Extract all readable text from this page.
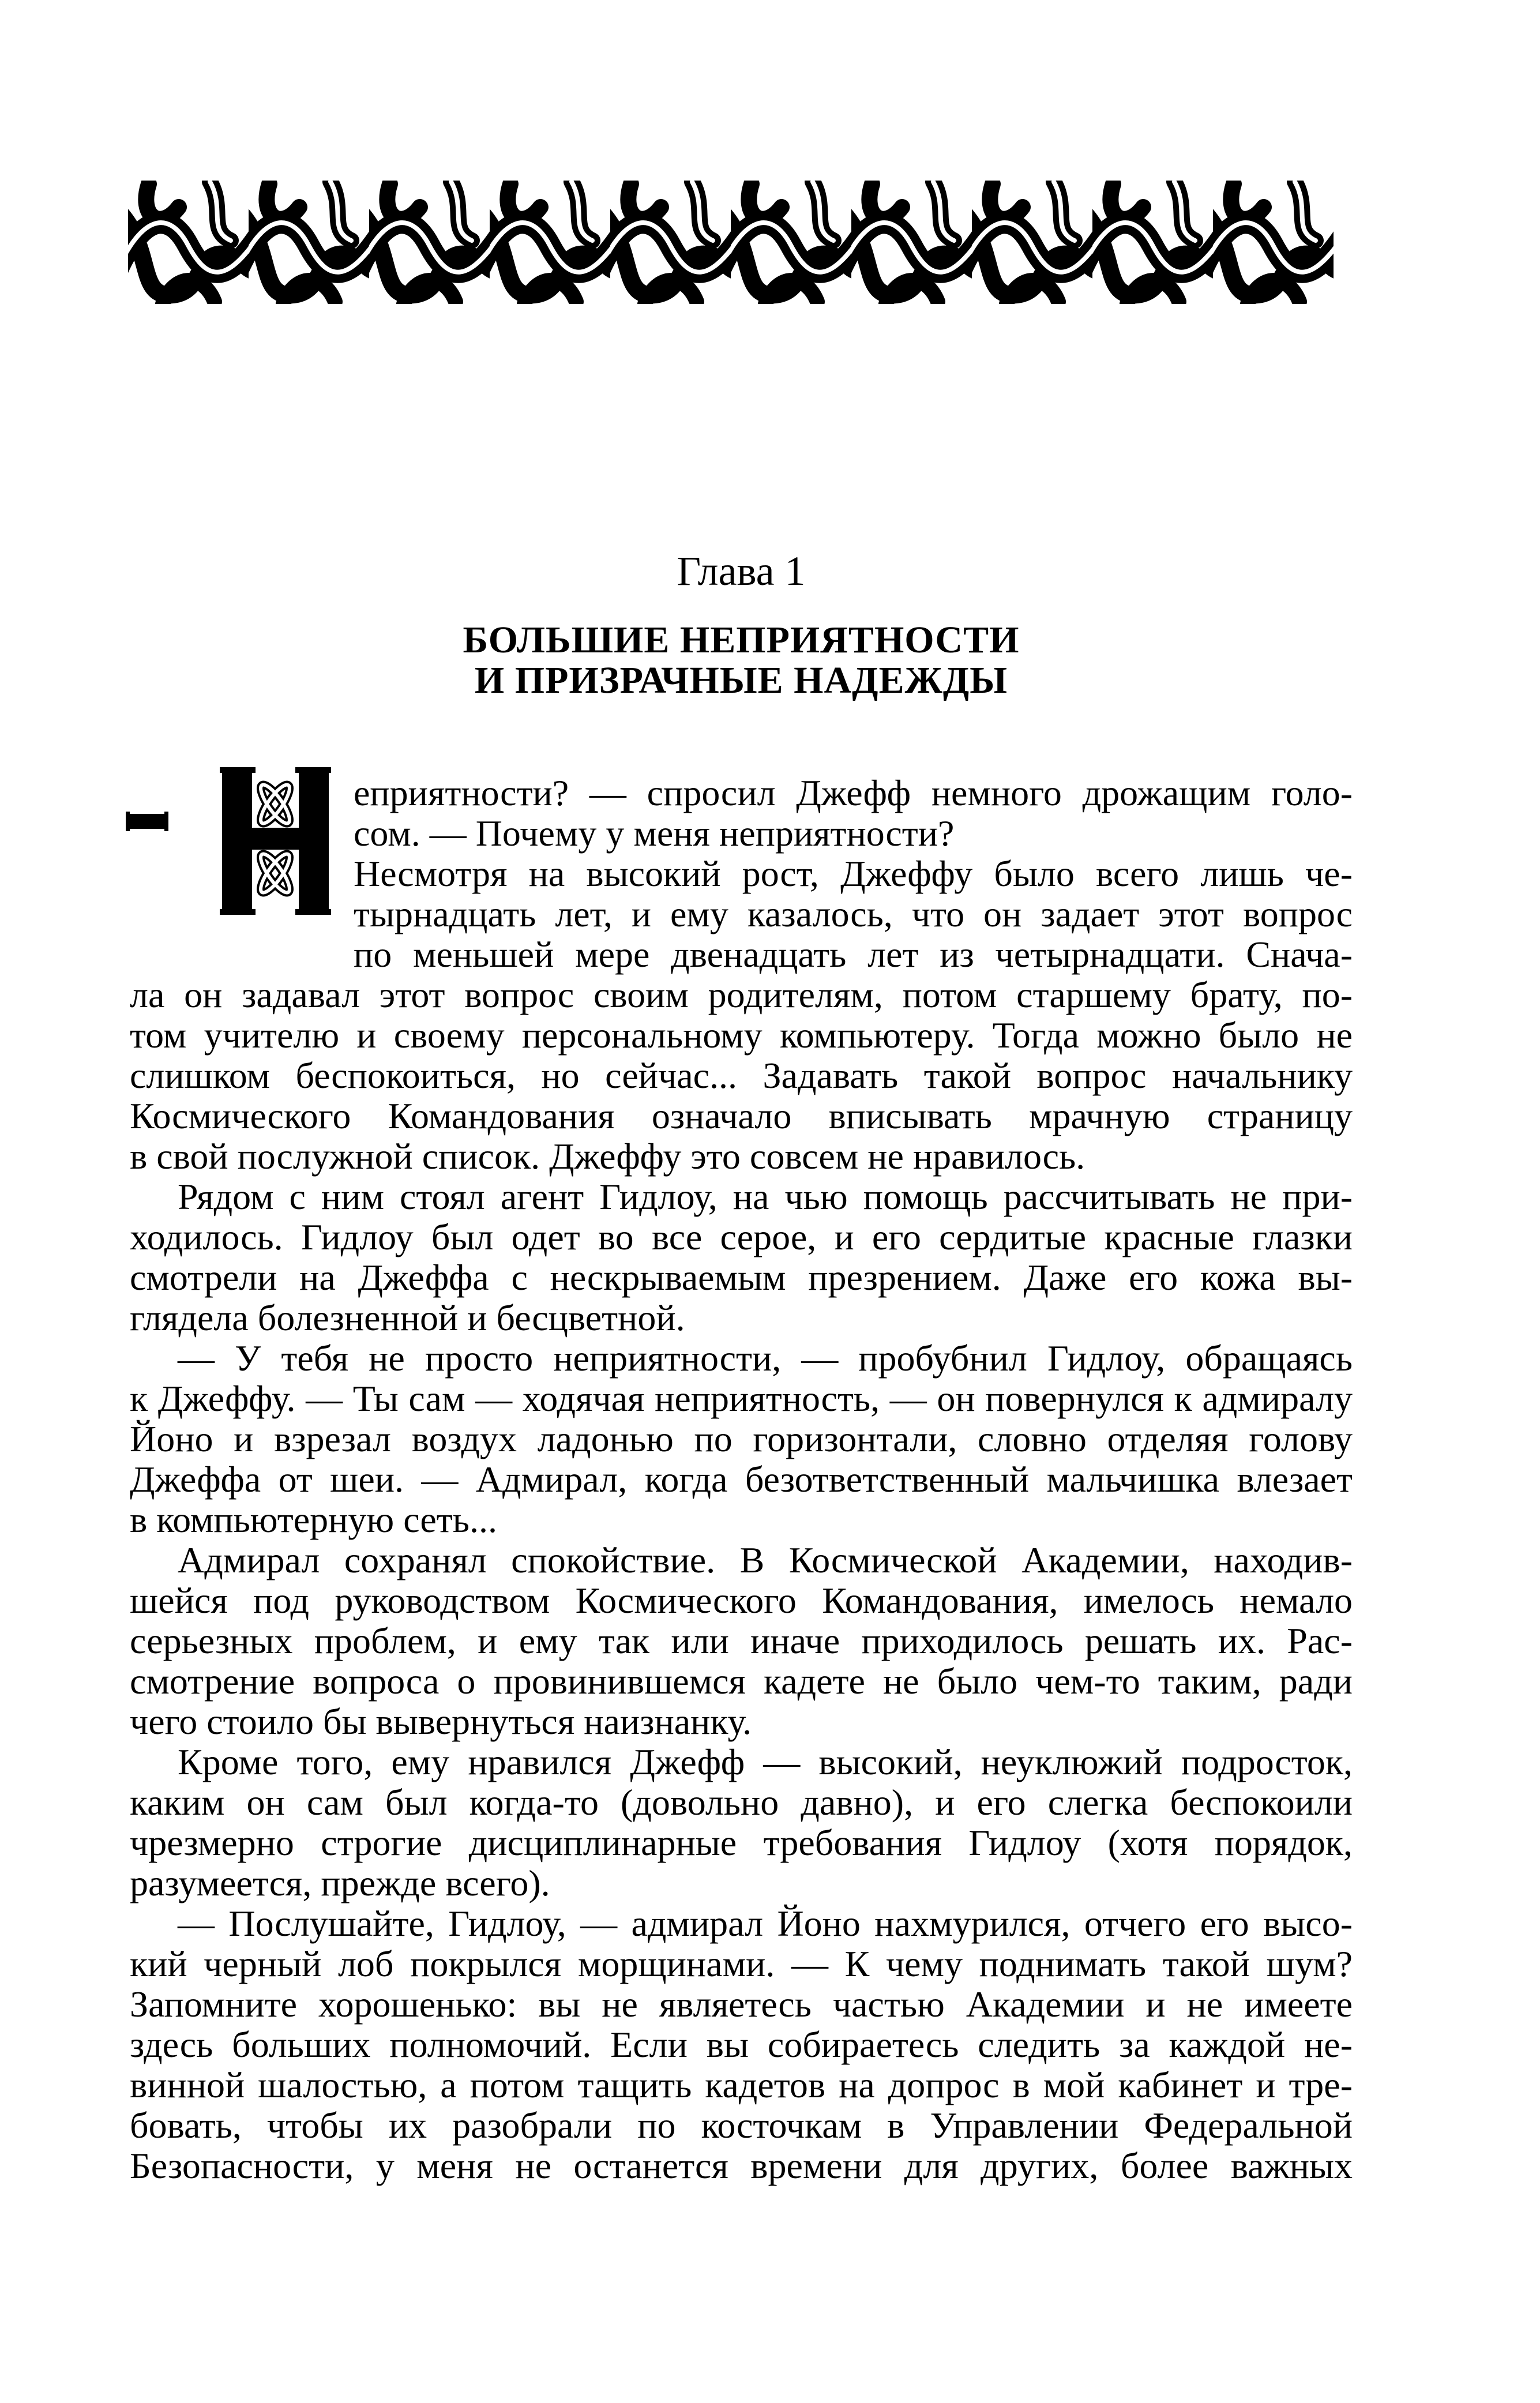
Глава 1
БОЛЬШИЕ НЕПРИЯТНОСТИ
И ПРИЗРАЧНЫЕ НАДЕЖДЫ
еприятности? — спросил Джефф немного дрожащим голо-
сом. — Почему у меня неприятности?
Несмотря на высокий рост, Джеффу было всего лишь че-
тырнадцать лет, и ему казалось, что он задает этот вопрос
по меньшей мере двенадцать лет из четырнадцати. Снача-
ла он задавал этот вопрос своим родителям, потом старшему брату, по-
том учителю и своему персональному компьютеру. Тогда можно было не
слишком беспокоиться, но сейчас... Задавать такой вопрос начальнику
Космического Командования означало вписывать мрачную страницу
в свой послужной список. Джеффу это совсем не нравилось.
Рядом с ним стоял агент Гидлоу, на чью помощь рассчитывать не при-
ходилось. Гидлоу был одет во все серое, и его сердитые красные глазки
смотрели на Джеффа с нескрываемым презрением. Даже его кожа вы-
глядела болезненной и бесцветной.
— У тебя не просто неприятности, — пробубнил Гидлоу, обращаясь
к Джеффу. — Ты сам — ходячая неприятность, — он повернулся к адмиралу
Йоно и взрезал воздух ладонью по горизонтали, словно отделяя голову
Джеффа от шеи. — Адмирал, когда безответственный мальчишка влезает
в компьютерную сеть...
Адмирал сохранял спокойствие. В Космической Академии, находив-
шейся под руководством Космического Командования, имелось немало
серьезных проблем, и ему так или иначе приходилось решать их. Рас-
смотрение вопроса о провинившемся кадете не было чем-то таким, ради
чего стоило бы вывернуться наизнанку.
Кроме того, ему нравился Джефф — высокий, неуклюжий подросток,
каким он сам был когда-то (довольно давно), и его слегка беспокоили
чрезмерно строгие дисциплинарные требования Гидлоу (хотя порядок,
разумеется, прежде всего).
— Послушайте, Гидлоу, — адмирал Йоно нахмурился, отчего его высо-
кий черный лоб покрылся морщинами. — К чему поднимать такой шум?
Запомните хорошенько: вы не являетесь частью Академии и не имеете
здесь больших полномочий. Если вы собираетесь следить за каждой не-
винной шалостью, а потом тащить кадетов на допрос в мой кабинет и тре-
бовать, чтобы их разобрали по косточкам в Управлении Федеральной
Безопасности, у меня не останется времени для других, более важных
